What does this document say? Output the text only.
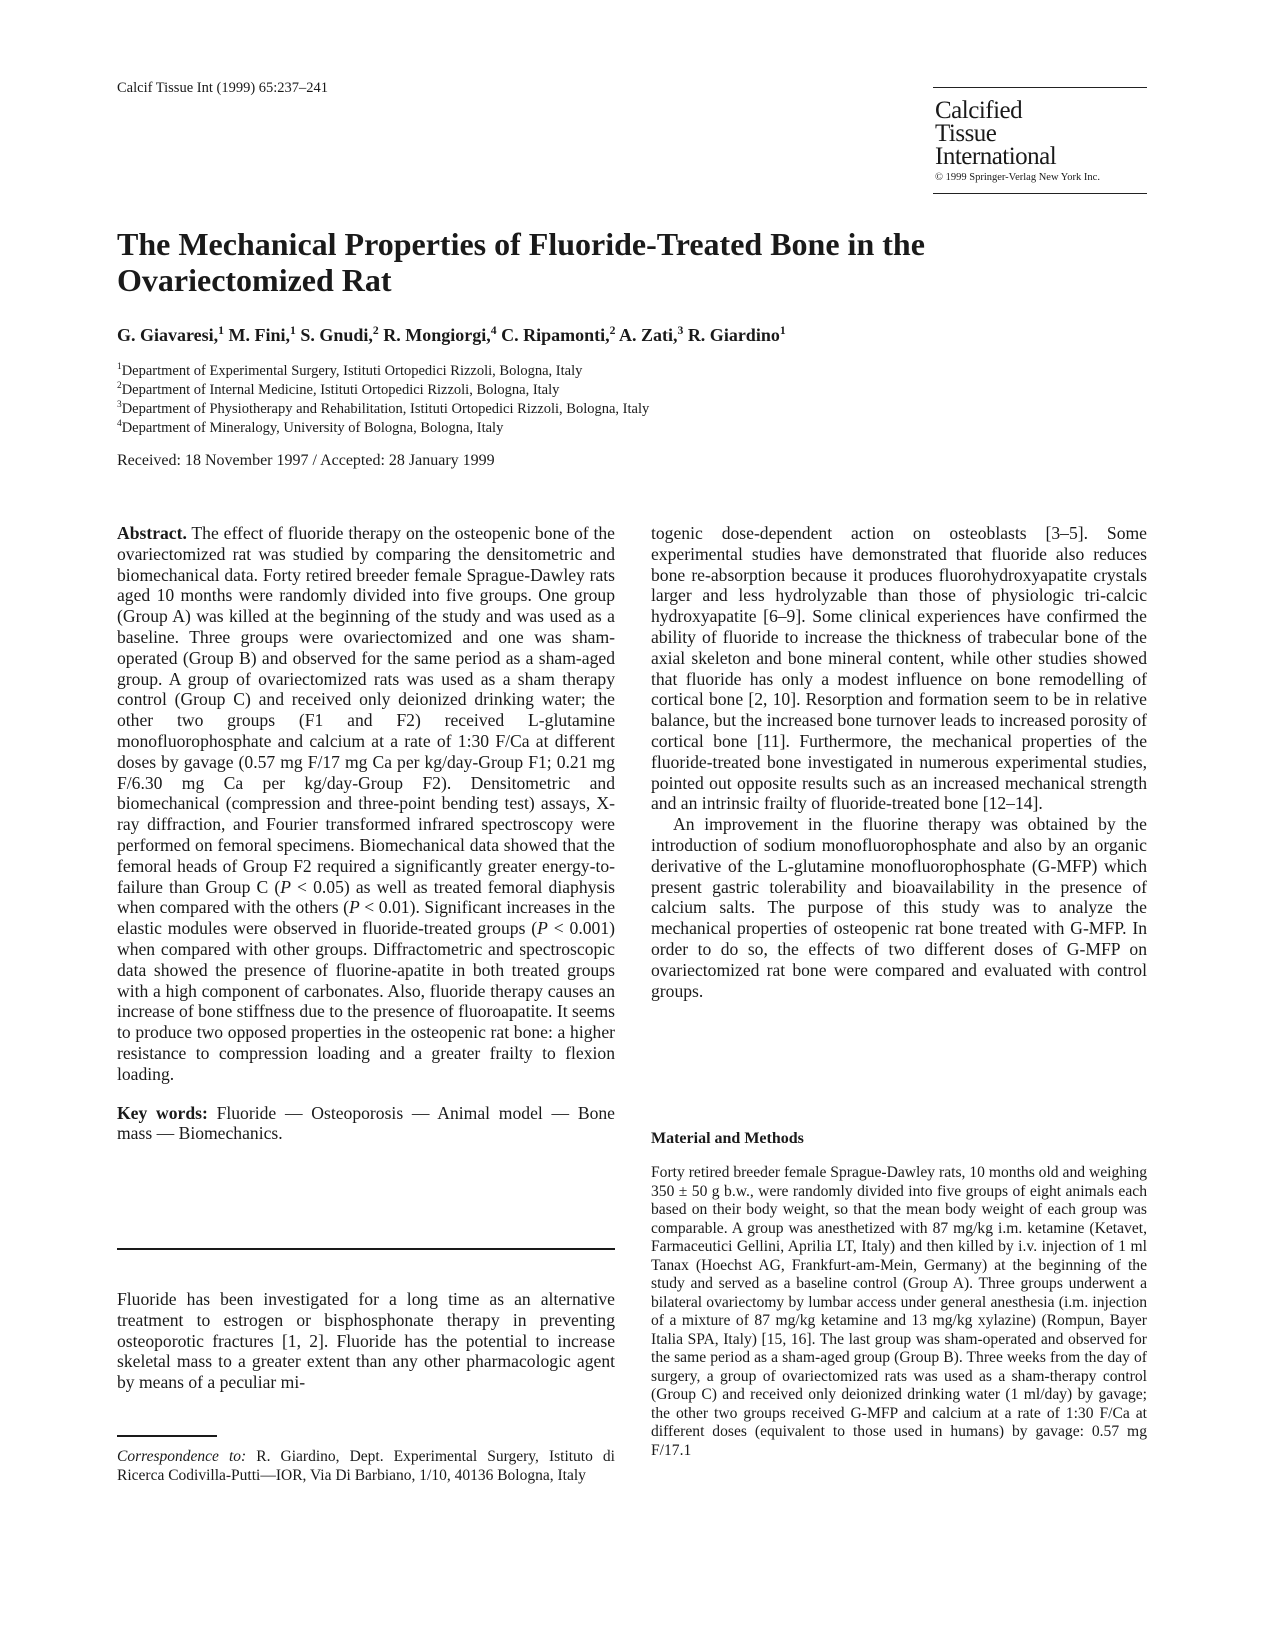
Calcif Tissue Int (1999) 65:237–241
Calcified
Tissue
International
© 1999 Springer-Verlag New York Inc.
The Mechanical Properties of Fluoride-Treated Bone in the Ovariectomized Rat
G. Giavaresi,$^1$ M. Fini,$^1$ S. Gnudi,$^2$ R. Mongiorgi,$^4$ C. Ripamonti,$^2$ A. Zati,$^3$ R. Giardino$^1$
$^1$Department of Experimental Surgery, Istituti Ortopedici Rizzoli, Bologna, Italy
$^2$Department of Internal Medicine, Istituti Ortopedici Rizzoli, Bologna, Italy
$^3$Department of Physiotherapy and Rehabilitation, Istituti Ortopedici Rizzoli, Bologna, Italy
$^4$Department of Mineralogy, University of Bologna, Bologna, Italy
Received: 18 November 1997 / Accepted: 28 January 1999

Abstract. The effect of fluoride therapy on the osteopenic bone of the ovariectomized rat was studied by comparing the densitometric and biomechanical data. Forty retired breeder female Sprague-Dawley rats aged 10 months were randomly divided into five groups. One group (Group A) was killed at the beginning of the study and was used as a baseline. Three groups were ovariectomized and one was sham-operated (Group B) and observed for the same period as a sham-aged group. A group of ovariectomized rats was used as a sham therapy control (Group C) and received only deionized drinking water; the other two groups (F1 and F2) received L-glutamine monofluorophosphate and calcium at a rate of 1:30 F/Ca at different doses by gavage (0.57 mg F/17 mg Ca per kg/day-Group F1; 0.21 mg F/6.30 mg Ca per kg/day-Group F2). Densitometric and biomechanical (compression and three-point bending test) assays, X-ray diffraction, and Fourier transformed infrared spectroscopy were performed on femoral specimens. Biomechanical data showed that the femoral heads of Group F2 required a significantly greater energy-to-failure than Group C (P < 0.05) as well as treated femoral diaphysis when compared with the others (P < 0.01). Significant increases in the elastic modules were observed in fluoride-treated groups (P < 0.001) when compared with other groups. Diffractometric and spectroscopic data showed the presence of fluorine-apatite in both treated groups with a high component of carbonates. Also, fluoride therapy causes an increase of bone stiffness due to the presence of fluoroapatite. It seems to produce two opposed properties in the osteopenic rat bone: a higher resistance to compression loading and a greater frailty to flexion loading.

Key words: Fluoride — Osteoporosis — Animal model — Bone mass — Biomechanics.

Fluoride has been investigated for a long time as an alternative treatment to estrogen or bisphosphonate therapy in preventing osteoporotic fractures [1, 2]. Fluoride has the potential to increase skeletal mass to a greater extent than any other pharmacologic agent by means of a peculiar mi-
Correspondence to: R. Giardino, Dept. Experimental Surgery, Istituto di Ricerca Codivilla-Putti—IOR, Via Di Barbiano, 1/10, 40136 Bologna, Italy

togenic dose-dependent action on osteoblasts [3–5]. Some experimental studies have demonstrated that fluoride also reduces bone re-absorption because it produces fluorohydroxyapatite crystals larger and less hydrolyzable than those of physiologic tri-calcic hydroxyapatite [6–9]. Some clinical experiences have confirmed the ability of fluoride to increase the thickness of trabecular bone of the axial skeleton and bone mineral content, while other studies showed that fluoride has only a modest influence on bone remodelling of cortical bone [2, 10]. Resorption and formation seem to be in relative balance, but the increased bone turnover leads to increased porosity of cortical bone [11]. Furthermore, the mechanical properties of the fluoride-treated bone investigated in numerous experimental studies, pointed out opposite results such as an increased mechanical strength and an intrinsic frailty of fluoride-treated bone [12–14].

An improvement in the fluorine therapy was obtained by the introduction of sodium monofluorophosphate and also by an organic derivative of the L-glutamine monofluorophosphate (G-MFP) which present gastric tolerability and bioavailability in the presence of calcium salts. The purpose of this study was to analyze the mechanical properties of osteopenic rat bone treated with G-MFP. In order to do so, the effects of two different doses of G-MFP on ovariectomized rat bone were compared and evaluated with control groups.

Material and Methods
Forty retired breeder female Sprague-Dawley rats, 10 months old and weighing 350 ± 50 g b.w., were randomly divided into five groups of eight animals each based on their body weight, so that the mean body weight of each group was comparable. A group was anesthetized with 87 mg/kg i.m. ketamine (Ketavet, Farmaceutici Gellini, Aprilia LT, Italy) and then killed by i.v. injection of 1 ml Tanax (Hoechst AG, Frankfurt-am-Mein, Germany) at the beginning of the study and served as a baseline control (Group A). Three groups underwent a bilateral ovariectomy by lumbar access under general anesthesia (i.m. injection of a mixture of 87 mg/kg ketamine and 13 mg/kg xylazine) (Rompun, Bayer Italia SPA, Italy) [15, 16]. The last group was sham-operated and observed for the same period as a sham-aged group (Group B). Three weeks from the day of surgery, a group of ovariectomized rats was used as a sham-therapy control (Group C) and received only deionized drinking water (1 ml/day) by gavage; the other two groups received G-MFP and calcium at a rate of 1:30 F/Ca at different doses (equivalent to those used in humans) by gavage: 0.57 mg F/17.1
